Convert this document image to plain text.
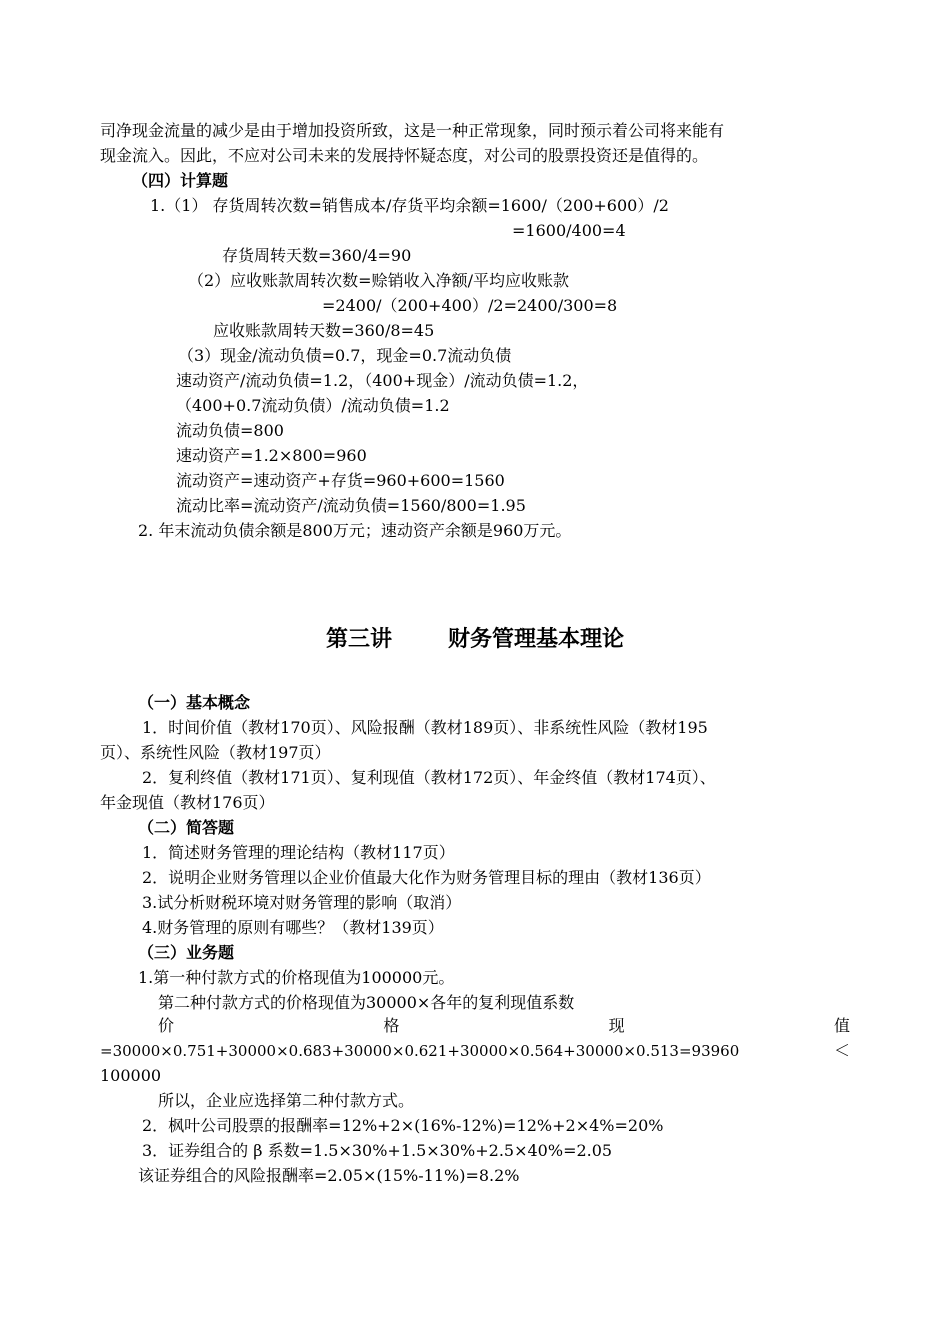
司净现金流量的减少是由于增加投资所致，这是一种正常现象，同时预示着公司将来能有
现金流入。因此，不应对公司未来的发展持怀疑态度，对公司的股票投资还是值得的。
（四）计算题
1.（1） 存货周转次数=销售成本/存货平均余额=1600/（200+600）/2
=1600/400=4
存货周转天数=360/4=90
（2）应收账款周转次数=赊销收入净额/平均应收账款
=2400/（200+400）/2=2400/300=8
应收账款周转天数=360/8=45
（3）现金/流动负债=0.7，现金=0.7流动负债
速动资产/流动负债=1.2，（400+现金）/流动负债=1.2，
（400+0.7流动负债）/流动负债=1.2
流动负债=800
速动资产=1.2×800=960
流动资产=速动资产+存货=960+600=1560
流动比率=流动资产/流动负债=1560/800=1.95
2. 年末流动负债余额是800万元；速动资产余额是960万元。
第三讲	财务管理基本理论
（一）基本概念
1．时间价值（教材170页）、风险报酬（教材189页）、非系统性风险（教材195
页）、系统性风险（教材197页）
2．复利终值（教材171页）、复利现值（教材172页）、年金终值（教材174页）、
年金现值（教材176页）
（二）简答题
1．简述财务管理的理论结构（教材117页）
2．说明企业财务管理以企业价值最大化作为财务管理目标的理由（教材136页）
3.试分析财税环境对财务管理的影响（取消）
4.财务管理的原则有哪些？（教材139页）
（三）业务题
1.第一种付款方式的价格现值为100000元。
第二种付款方式的价格现值为30000×各年的复利现值系数
价	格	现	值
=30000×0.751+30000×0.683+30000×0.621+30000×0.564+30000×0.513=93960	＜
100000
所以，企业应选择第二种付款方式。
2．枫叶公司股票的报酬率=12%+2×(16%-12%)=12%+2×4%=20%
3．证券组合的 β 系数=1.5×30%+1.5×30%+2.5×40%=2.05
该证券组合的风险报酬率=2.05×(15%-11%)=8.2%
